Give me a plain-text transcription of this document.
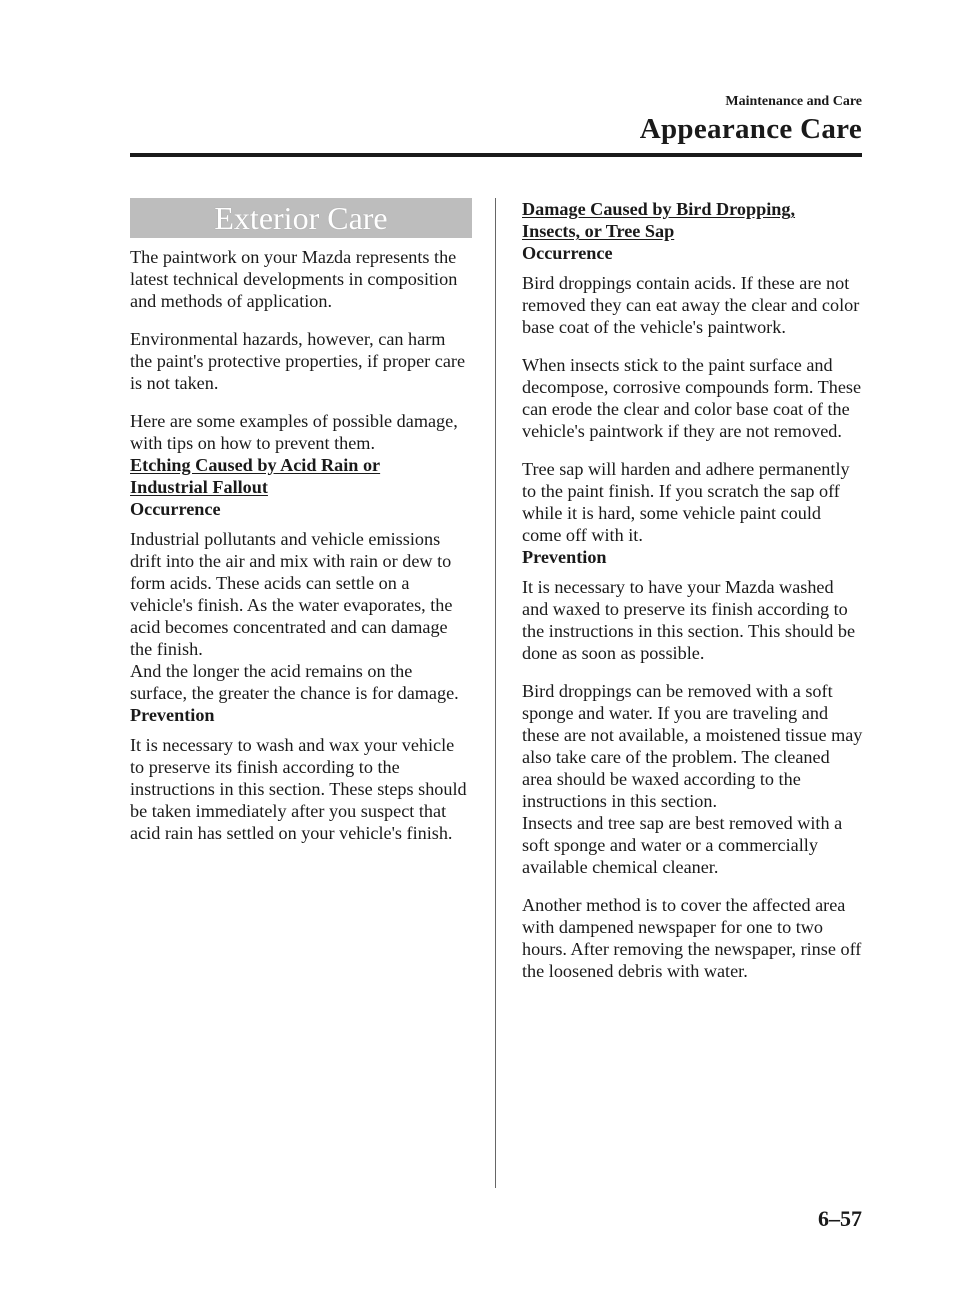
Maintenance and Care
Appearance Care
Exterior Care

The paintwork on your Mazda represents the latest technical developments in composition and methods of application.

Environmental hazards, however, can harm the paint's protective properties, if proper care is not taken.

Here are some examples of possible damage, with tips on how to prevent them.

Etching Caused by Acid Rain or
Industrial Fallout
Occurrence

Industrial pollutants and vehicle emissions drift into the air and mix with rain or dew to form acids. These acids can settle on a vehicle's finish. As the water evaporates, the acid becomes concentrated and can damage the finish.

And the longer the acid remains on the surface, the greater the chance is for damage.

Prevention

It is necessary to wash and wax your vehicle to preserve its finish according to the instructions in this section. These steps should be taken immediately after you suspect that acid rain has settled on your vehicle's finish.

Damage Caused by Bird Dropping,
Insects, or Tree Sap
Occurrence

Bird droppings contain acids. If these are not removed they can eat away the clear and color base coat of the vehicle's paintwork.

When insects stick to the paint surface and decompose, corrosive compounds form. These can erode the clear and color base coat of the vehicle's paintwork if they are not removed.

Tree sap will harden and adhere permanently to the paint finish. If you scratch the sap off while it is hard, some vehicle paint could come off with it.

Prevention

It is necessary to have your Mazda washed and waxed to preserve its finish according to the instructions in this section. This should be done as soon as possible.

Bird droppings can be removed with a soft sponge and water. If you are traveling and these are not available, a moistened tissue may also take care of the problem. The cleaned area should be waxed according to the instructions in this section.

Insects and tree sap are best removed with a soft sponge and water or a commercially available chemical cleaner.

Another method is to cover the affected area with dampened newspaper for one to two hours. After removing the newspaper, rinse off the loosened debris with water.

6–57
